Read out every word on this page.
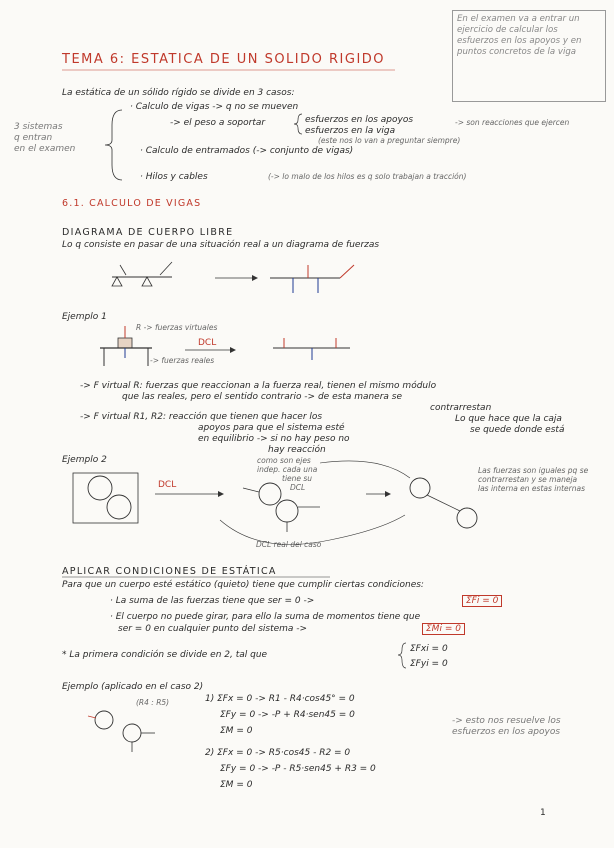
En el examen va a entrar un ejercicio de calcular los esfuerzos en los apoyos y en puntos concretos de la viga
TEMA 6: ESTATICA DE UN SOLIDO RIGIDO
La estática de un sólido rígido se divide en 3 casos:
3 sistemas
q entran
en el examen
· Calculo de vigas -> q no se mueven
-> el peso a soportar	esfuerzos en los apoyos
esfuerzos en la viga
-> son reacciones que ejercen
(este nos lo van a preguntar siempre)
· Calculo de entramados (-> conjunto de vigas)
· Hilos y cables	(-> lo malo de los hilos es q solo trabajan a tracción)
6.1. CALCULO DE VIGAS
DIAGRAMA DE CUERPO LIBRE
Lo q consiste en pasar de una situación real a un diagrama de fuerzas
Ejemplo 1
R -> fuerzas virtuales
DCL
-> fuerzas reales
-> F virtual R: fuerzas que reaccionan a la fuerza real, tienen el mismo módulo
que las reales, pero el sentido contrario -> de esta manera se
contrarrestan
-> F virtual R1, R2: reacción que tienen que hacer los
apoyos para que el sistema esté
en equilibrio -> si no hay peso no
hay reacción
Lo que hace que la caja
se quede donde está
Ejemplo 2	como son ejes
indep. cada una
tiene su
DCL
DCL
DCL real del caso
Las fuerzas son iguales pq se contrarrestan y se maneja las interna en estas internas
APLICAR CONDICIONES DE ESTÁTICA
Para que un cuerpo esté estático (quieto) tiene que cumplir ciertas condiciones:
· La suma de las fuerzas tiene que ser = 0 ->	ΣFi = 0
· El cuerpo no puede girar, para ello la suma de momentos tiene que
ser = 0 en cualquier punto del sistema ->	ΣMi = 0
* La primera condición se divide en 2, tal que
ΣFxi = 0
ΣFyi = 0
Ejemplo (aplicado en el caso 2)
(R4 : R5)	1) ΣFx = 0 -> R1 - R4·cos45° = 0
ΣFy = 0 -> -P + R4·sen45 = 0
ΣM = 0
2) ΣFx = 0 -> R5·cos45 - R2 = 0
ΣFy = 0 -> -P - R5·sen45 + R3 = 0
ΣM = 0
-> esto nos resuelve los esfuerzos en los apoyos
1
